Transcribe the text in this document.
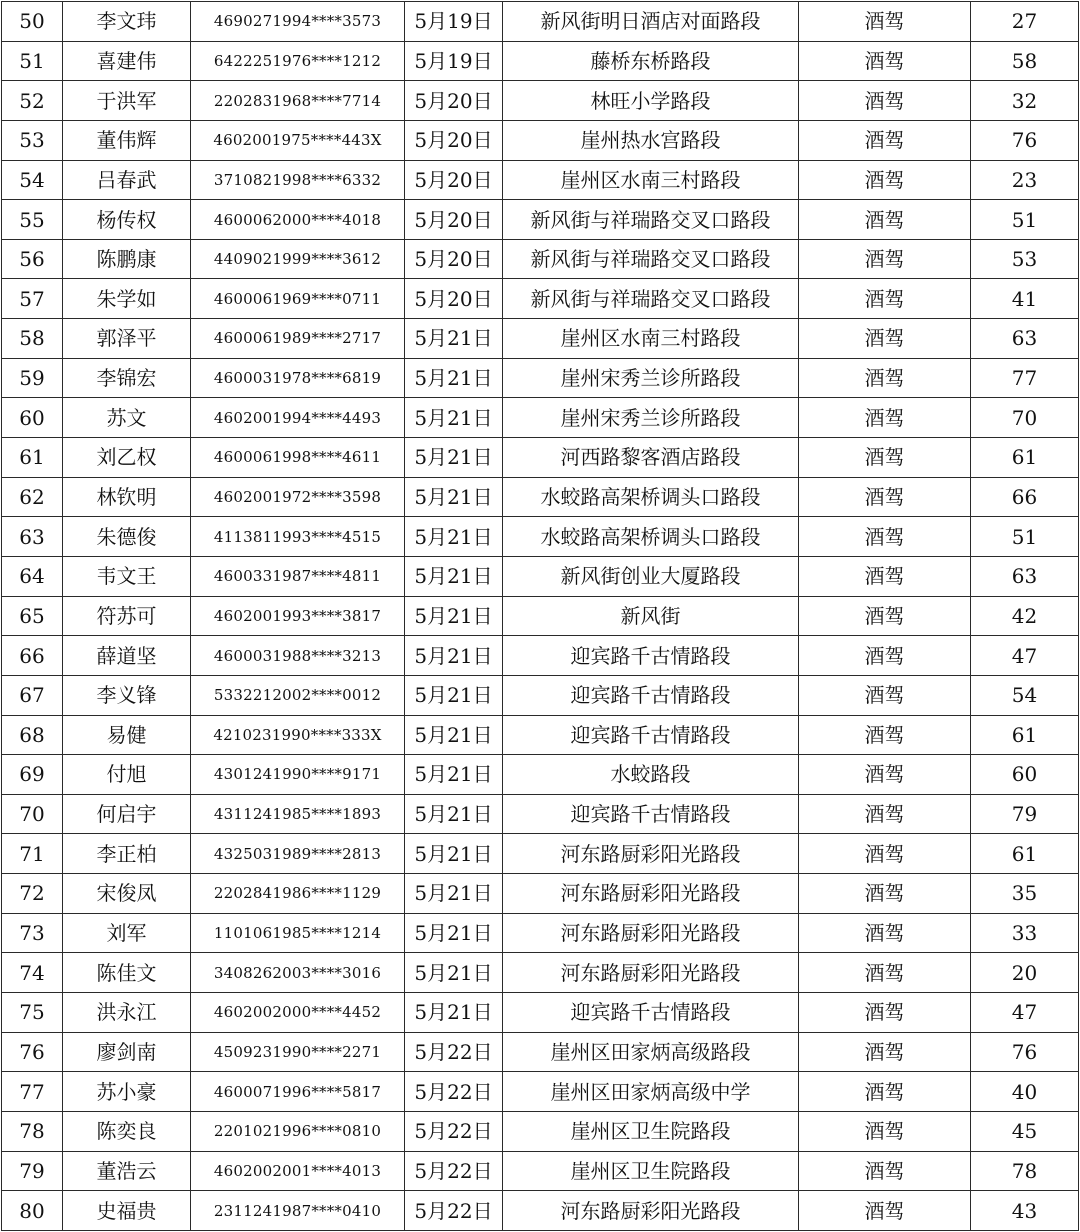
50	李文玮	4690271994****3573	5月19日	新风街明日酒店对面路段	酒驾	27
51	喜建伟	6422251976****1212	5月19日	藤桥东桥路段	酒驾	58
52	于洪军	2202831968****7714	5月20日	林旺小学路段	酒驾	32
53	董伟辉	4602001975****443X	5月20日	崖州热水宫路段	酒驾	76
54	吕春武	3710821998****6332	5月20日	崖州区水南三村路段	酒驾	23
55	杨传权	4600062000****4018	5月20日	新风街与祥瑞路交叉口路段	酒驾	51
56	陈鹏康	4409021999****3612	5月20日	新风街与祥瑞路交叉口路段	酒驾	53
57	朱学如	4600061969****0711	5月20日	新风街与祥瑞路交叉口路段	酒驾	41
58	郭泽平	4600061989****2717	5月21日	崖州区水南三村路段	酒驾	63
59	李锦宏	4600031978****6819	5月21日	崖州宋秀兰诊所路段	酒驾	77
60	苏文	4602001994****4493	5月21日	崖州宋秀兰诊所路段	酒驾	70
61	刘乙权	4600061998****4611	5月21日	河西路黎客酒店路段	酒驾	61
62	林钦明	4602001972****3598	5月21日	水蛟路高架桥调头口路段	酒驾	66
63	朱德俊	4113811993****4515	5月21日	水蛟路高架桥调头口路段	酒驾	51
64	韦文王	4600331987****4811	5月21日	新风街创业大厦路段	酒驾	63
65	符苏可	4602001993****3817	5月21日	新风街	酒驾	42
66	薛道坚	4600031988****3213	5月21日	迎宾路千古情路段	酒驾	47
67	李义锋	5332212002****0012	5月21日	迎宾路千古情路段	酒驾	54
68	易健	4210231990****333X	5月21日	迎宾路千古情路段	酒驾	61
69	付旭	4301241990****9171	5月21日	水蛟路段	酒驾	60
70	何启宇	4311241985****1893	5月21日	迎宾路千古情路段	酒驾	79
71	李正柏	4325031989****2813	5月21日	河东路厨彩阳光路段	酒驾	61
72	宋俊凤	2202841986****1129	5月21日	河东路厨彩阳光路段	酒驾	35
73	刘军	1101061985****1214	5月21日	河东路厨彩阳光路段	酒驾	33
74	陈佳文	3408262003****3016	5月21日	河东路厨彩阳光路段	酒驾	20
75	洪永江	4602002000****4452	5月21日	迎宾路千古情路段	酒驾	47
76	廖剑南	4509231990****2271	5月22日	崖州区田家炳高级路段	酒驾	76
77	苏小豪	4600071996****5817	5月22日	崖州区田家炳高级中学	酒驾	40
78	陈奕良	2201021996****0810	5月22日	崖州区卫生院路段	酒驾	45
79	董浩云	4602002001****4013	5月22日	崖州区卫生院路段	酒驾	78
80	史福贵	2311241987****0410	5月22日	河东路厨彩阳光路段	酒驾	43
